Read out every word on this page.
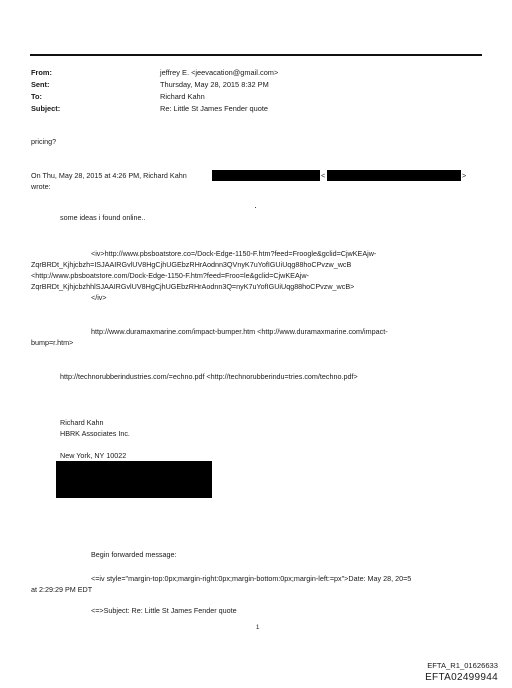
From:	jeffrey E. <jeevacation@gmail.com>
Sent:	Thursday, May 28, 2015 8:32 PM
To:	Richard Kahn
Subject:	Re: Little St James Fender quote
pricing?
On Thu, May 28, 2015 at 4:26 PM, Richard Kahn	<	>
wrote:
some ideas i found online..
·
<iv>http://www.pbsboatstore.co=/Dock-Edge-1150-F.htm?feed=Froogle&gclid=CjwKEAjw-
ZqrBRDt_Kjhjcbzh=ISJAAIRGvlUV8HgCjhUGEbzRHrAodnn3QVnyK7uYofIGUiUqg88hoCPvzw_wcB
<http://www.pbsboatstore.com/Dock-Edge-1150-F.htm?feed=Froo=le&gclid=CjwKEAjw-
ZqrBRDt_KjhjcbzhhlSJAAIRGvlUV8HgCjhUGEbzRHrAodnn3Q=nyK7uYofIGUiUqg88hoCPvzw_wcB>
</iv>
http://www.duramaxmarine.com/impact-bumper.htm <http://www.duramaxmarine.com/impact-
bump=r.htm>
http://technorubberindustries.com/=echno.pdf <http://technorubberindu=tries.com/techno.pdf>
Richard Kahn
HBRK Associates Inc.
New York, NY 10022
Begin forwarded message:
<=iv style="margin-top:0px;margin-right:0px;margin-bottom:0px;margin-left:=px">Date: May 28, 20=5
at 2:29:29 PM EDT
<=>Subject: Re: Little St James Fender quote
1
EFTA_R1_01626633
EFTA02499944
